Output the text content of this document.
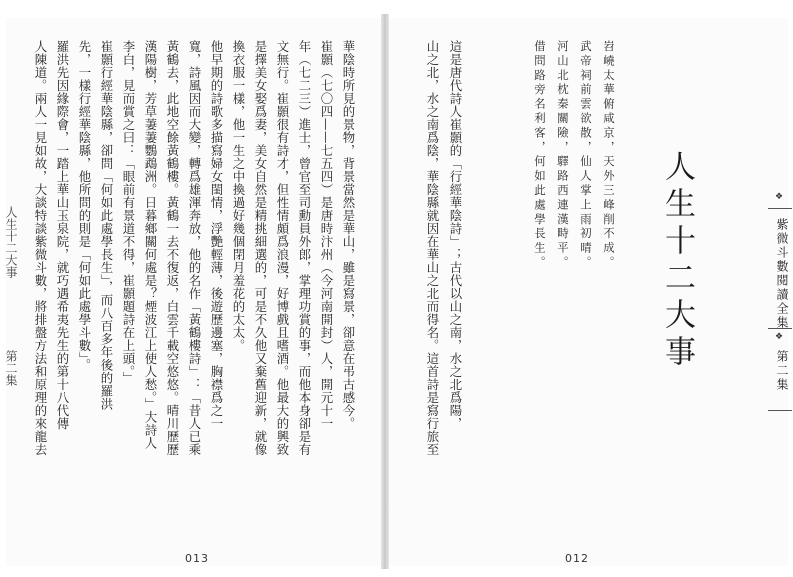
人生十二大事
第二集	人生十二大事
岧嶢太華俯咸京，天外三峰削不成。
武帝祠前雲欲散，仙人掌上雨初晴。
河山北枕秦關險，驛路西連漢畤平。
借問路旁名利客，何如此處學長生。
這是唐代詩人崔顥的「行經華陰詩」；古代以山之南，水之北爲陽，
山之北，水之南爲陰，華陰縣就因在華山之北而得名。這首詩是寫行旅至
華陰時所見的景物，背景當然是華山，雖是寫景，卻意在弔古感今。
崔顥（七〇四——七五四）是唐時汴州（今河南開封）人，開元十一
年（七二三）進士，曾官至司勳員外郎，掌理功賞的事，而他本身卻是有
文無行。崔顥很有詩才，但性情頗爲浪漫，好博戲且嗜酒。他最大的興致
是擇美女娶爲妻，美女自然是精挑細選的，可是不久他又棄舊迎新，就像
換衣服一樣，他一生之中換過好幾個閉月羞花的太太。
他早期的詩歌多描寫婦女閨情，浮艷輕薄，後遊歷邊塞，胸襟爲之一
寬，詩風因而大變，轉爲雄渾奔放，他的名作「黃鶴樓詩」：「昔人已乘
黃鶴去，此地空餘黃鶴樓。黃鶴一去不復返，白雲千載空悠悠。晴川歷歷
漢陽樹，芳草萋萋鸚鵡洲。日暮鄉關何處是？煙波江上使人愁。」大詩人
李白，見而賞之曰：「眼前有景道不得，崔顥題詩在上頭。」
崔顥行經華陰縣，卻問「何如此處學長生」，而八百多年後的羅洪
先，一樣行經華陰縣，他所問的則是「何如此處學斗數」。
羅洪先因緣際會，一踏上華山玉泉院，就巧遇希夷先生的第十八代傳
人陳道。兩人一見如故，大談特談紫微斗數，將排盤方法和原理的來龍去
013	012
❖
紫微斗數閱讀全集
❖
第二集
